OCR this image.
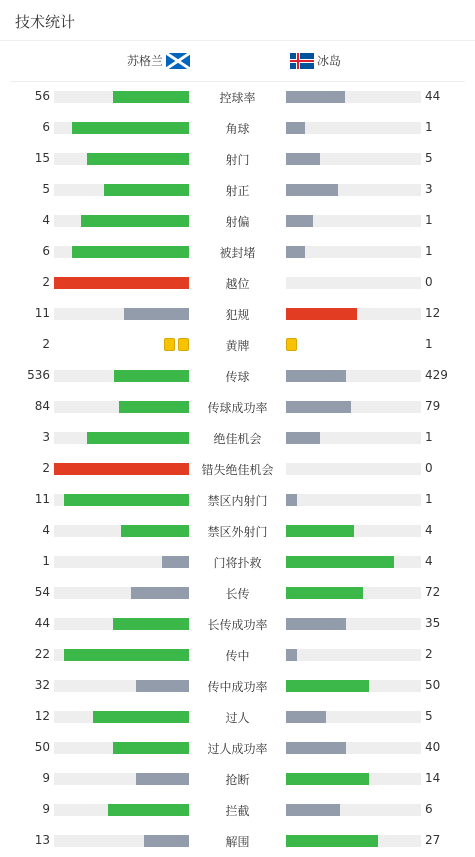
技术统计
苏格兰	冰岛
56	控球率	44
6	角球	1
15	射门	5
5	射正	3
4	射偏	1
6	被封堵	1
2	越位	0
11	犯规	12
2	黄牌	1
536	传球	429
84	传球成功率	79
3	绝佳机会	1
2	错失绝佳机会	0
11	禁区内射门	1
4	禁区外射门	4
1	门将扑救	4
54	长传	72
44	长传成功率	35
22	传中	2
32	传中成功率	50
12	过人	5
50	过人成功率	40
9	抢断	14
9	拦截	6
13	解围	27
